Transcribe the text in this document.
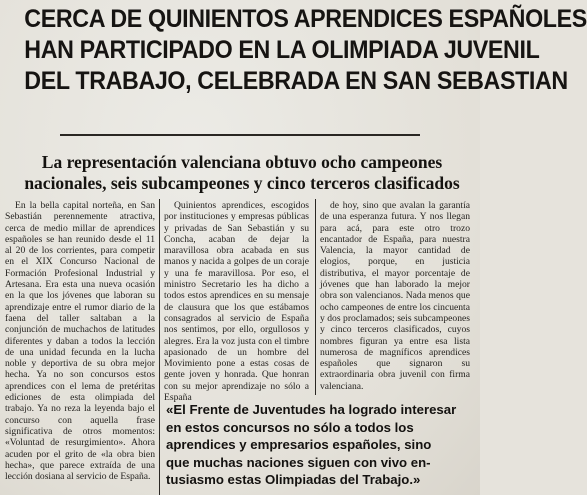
CERCA DE QUINIENTOS APRENDICES ESPAÑOLES
HAN PARTICIPADO EN LA OLIMPIADA JUVENIL
DEL TRABAJO, CELEBRADA EN SAN SEBASTIAN
La representación valenciana obtuvo ocho campeones
nacionales, seis subcampeones y cinco terceros clasificados

En la bella capital norteña, en San Sebastián perennemente atractiva, cerca de medio millar de aprendices españoles se han reunido desde el 11 al 20 de los corrientes, para competir en el XIX Concurso Nacional de Formación Profesional Industrial y Artesana. Era esta una nueva ocasión en la que los jóvenes que laboran su aprendizaje entre el rumor diario de la faena del taller saltaban a la conjunción de muchachos de latitudes diferentes y daban a todos la lección de una unidad fecunda en la lucha noble y deportiva de su obra mejor hecha. Ya no son concursos estos aprendices con el lema de pretéritas ediciones de esta olimpiada del trabajo. Ya no reza la leyenda bajo el concurso con aquella frase significativa de otros momentos: «Voluntad de resurgimiento». Ahora acuden por el grito de «la obra bien hecha», que parece extraída de una lección dosiana al servicio de España.

Quinientos aprendices, escogidos por instituciones y empresas públicas y privadas de San Sebastián y su Concha, acaban de dejar la maravillosa obra acabada en sus manos y nacida a golpes de un coraje y una fe maravillosa. Por eso, el ministro Secretario les ha dicho a todos estos aprendices en su mensaje de clausura que los que estábamos consagrados al servicio de España nos sentimos, por ello, orgullosos y alegres. Era la voz justa con el timbre apasionado de un hombre del Movimiento pone a estas cosas de gente joven y honrada. Que honran con su mejor aprendizaje no sólo a España

de hoy, sino que avalan la garantía de una esperanza futura. Y nos llegan para acá, para este otro trozo encantador de España, para nuestra Valencia, la mayor cantidad de elogios, porque, en justicia distributiva, el mayor porcentaje de jóvenes que han laborado la mejor obra son valencianos. Nada menos que ocho campeones de entre los cincuenta y dos proclamados; seis subcampeones y cinco terceros clasificados, cuyos nombres figuran ya entre esa lista numerosa de magníficos aprendices españoles que signaron su extraordinaria obra juvenil con firma valenciana.

«El Frente de Juventudes ha logrado interesar
en estos concursos no sólo a todos los
aprendices y empresarios españoles, sino
que muchas naciones siguen con vivo en-
tusiasmo estas Olimpiadas del Trabajo.»
